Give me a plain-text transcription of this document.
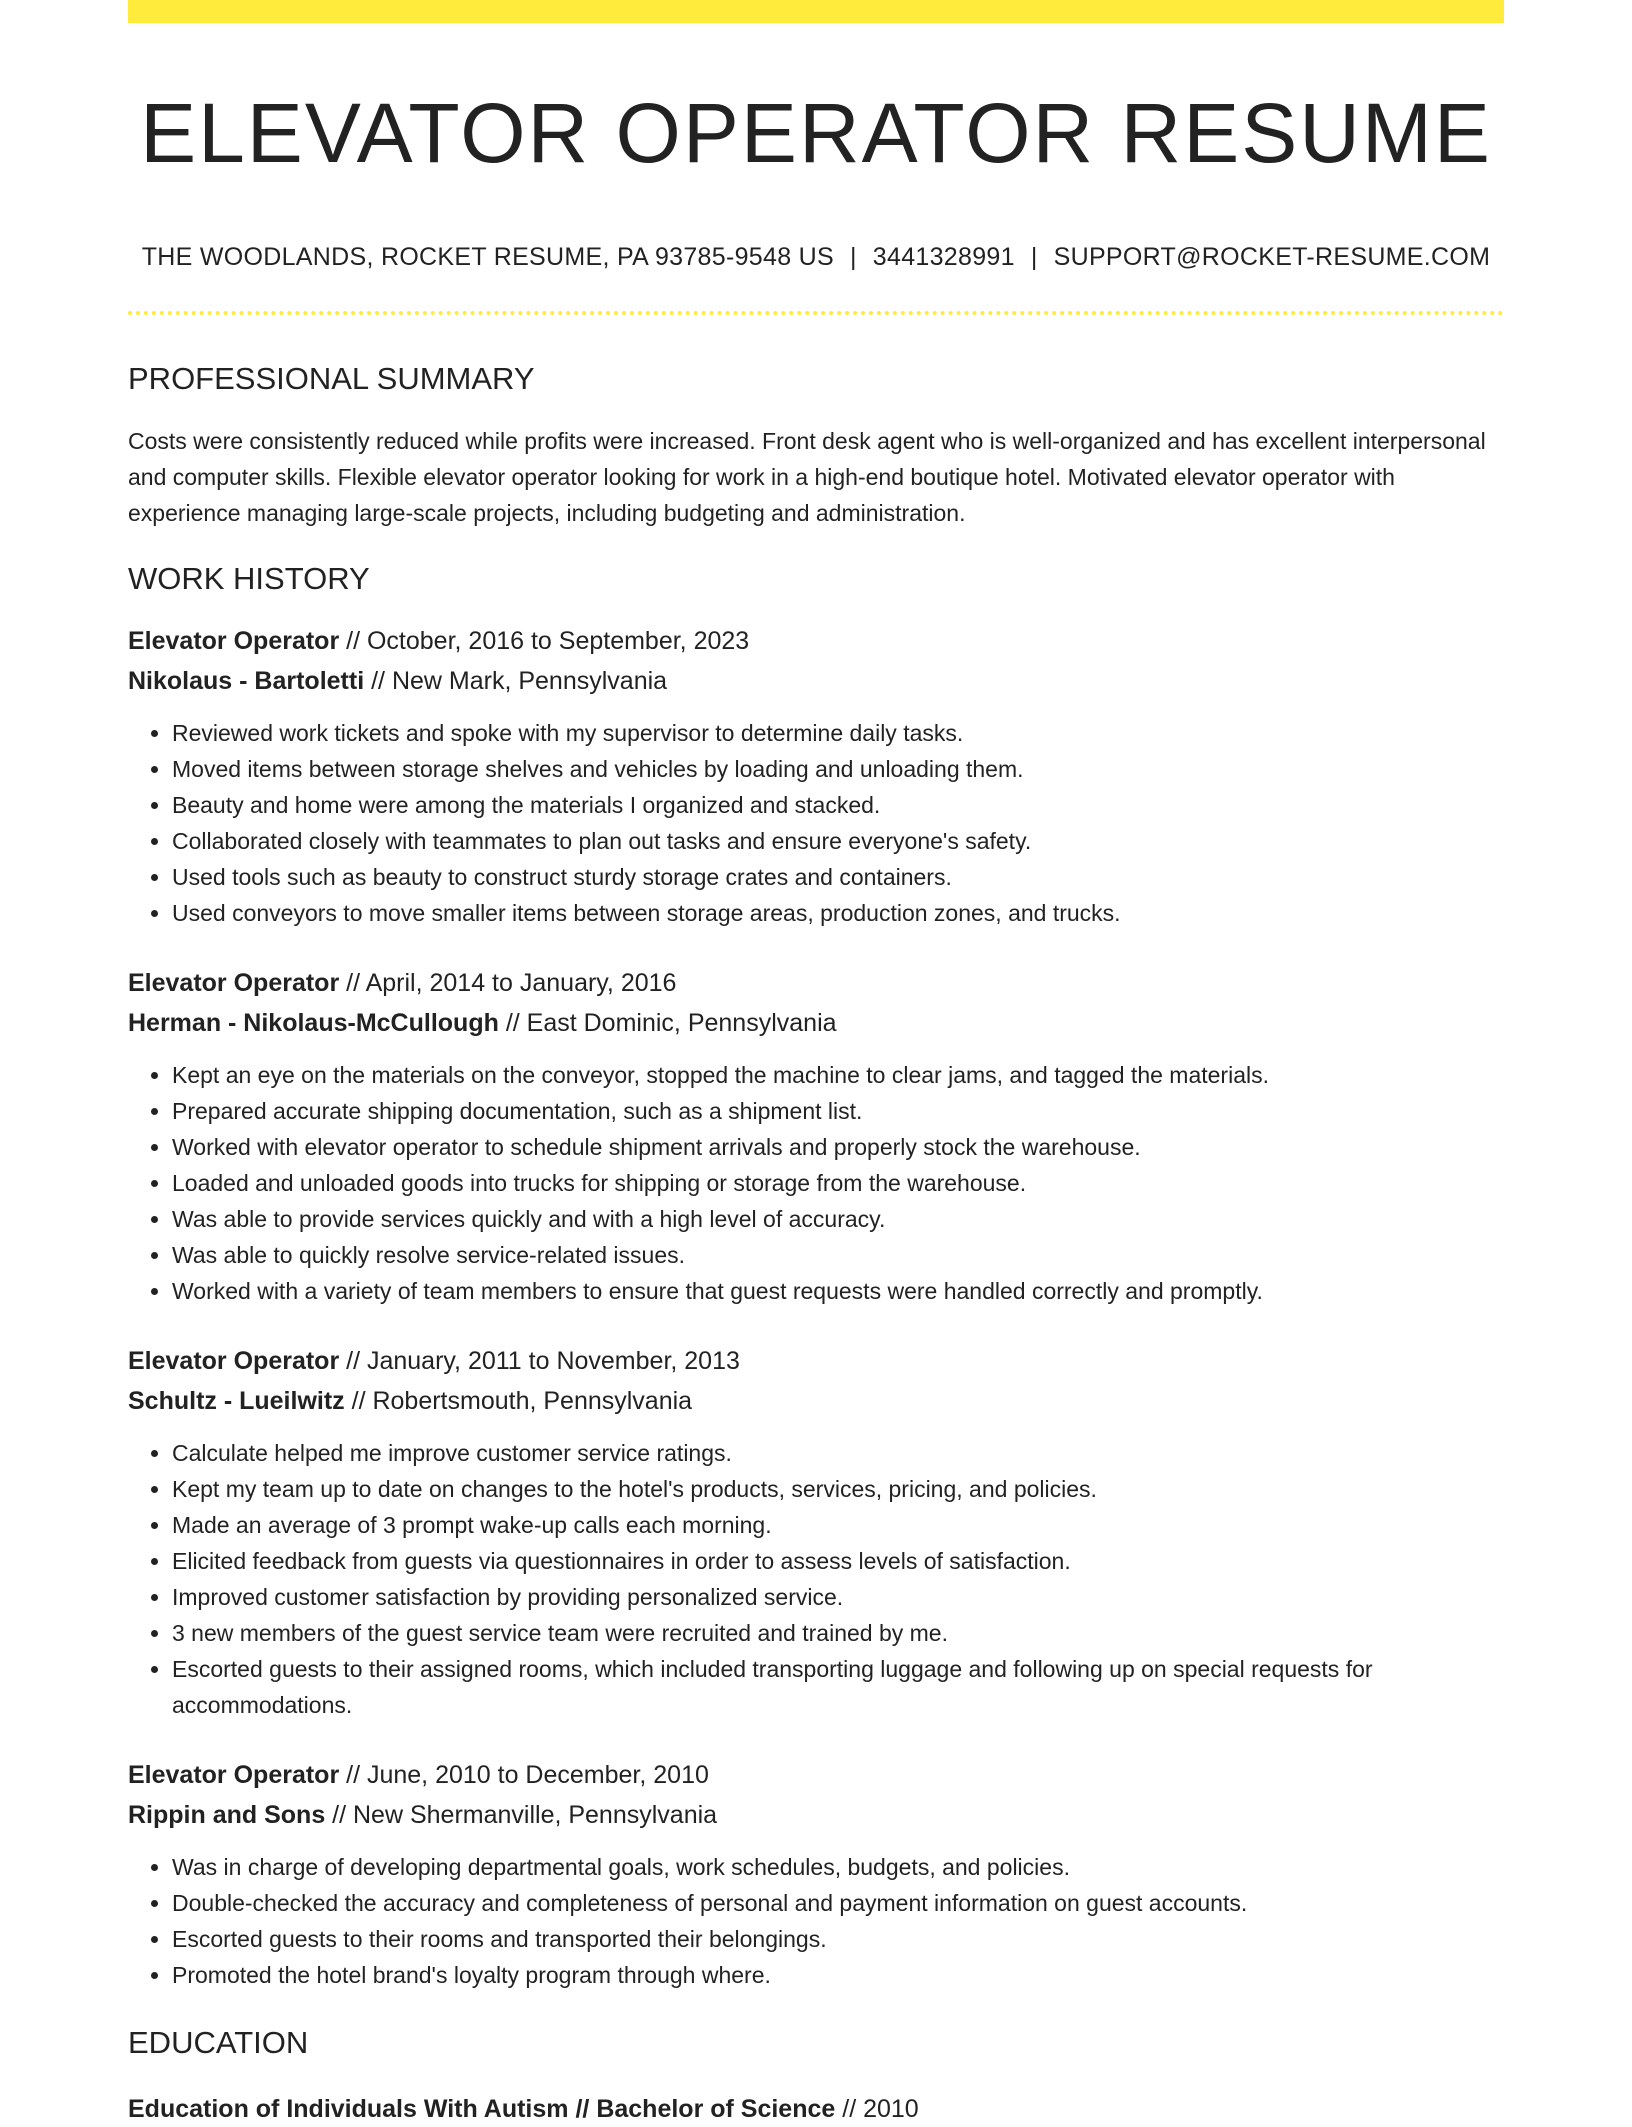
ELEVATOR OPERATOR RESUME
THE WOODLANDS, ROCKET RESUME, PA 93785-9548 US | 3441328991 | SUPPORT@ROCKET-RESUME.COM
PROFESSIONAL SUMMARY

Costs were consistently reduced while profits were increased. Front desk agent who is well-organized and has excellent interpersonal and computer skills. Flexible elevator operator looking for work in a high-end boutique hotel. Motivated elevator operator with experience managing large-scale projects, including budgeting and administration.

WORK HISTORY
Elevator Operator // October, 2016 to September, 2023
Nikolaus - Bartoletti // New Mark, Pennsylvania
• Reviewed work tickets and spoke with my supervisor to determine daily tasks.
• Moved items between storage shelves and vehicles by loading and unloading them.
• Beauty and home were among the materials I organized and stacked.
• Collaborated closely with teammates to plan out tasks and ensure everyone's safety.
• Used tools such as beauty to construct sturdy storage crates and containers.
• Used conveyors to move smaller items between storage areas, production zones, and trucks.
Elevator Operator // April, 2014 to January, 2016
Herman - Nikolaus-McCullough // East Dominic, Pennsylvania
• Kept an eye on the materials on the conveyor, stopped the machine to clear jams, and tagged the materials.
• Prepared accurate shipping documentation, such as a shipment list.
• Worked with elevator operator to schedule shipment arrivals and properly stock the warehouse.
• Loaded and unloaded goods into trucks for shipping or storage from the warehouse.
• Was able to provide services quickly and with a high level of accuracy.
• Was able to quickly resolve service-related issues.
• Worked with a variety of team members to ensure that guest requests were handled correctly and promptly.
Elevator Operator // January, 2011 to November, 2013
Schultz - Lueilwitz // Robertsmouth, Pennsylvania
• Calculate helped me improve customer service ratings.
• Kept my team up to date on changes to the hotel's products, services, pricing, and policies.
• Made an average of 3 prompt wake-up calls each morning.
• Elicited feedback from guests via questionnaires in order to assess levels of satisfaction.
• Improved customer satisfaction by providing personalized service.
• 3 new members of the guest service team were recruited and trained by me.
• Escorted guests to their assigned rooms, which included transporting luggage and following up on special requests for accommodations.
Elevator Operator // June, 2010 to December, 2010
Rippin and Sons // New Shermanville, Pennsylvania
• Was in charge of developing departmental goals, work schedules, budgets, and policies.
• Double-checked the accuracy and completeness of personal and payment information on guest accounts.
• Escorted guests to their rooms and transported their belongings.
• Promoted the hotel brand's loyalty program through where.
EDUCATION
Education of Individuals With Autism // Bachelor of Science // 2010
